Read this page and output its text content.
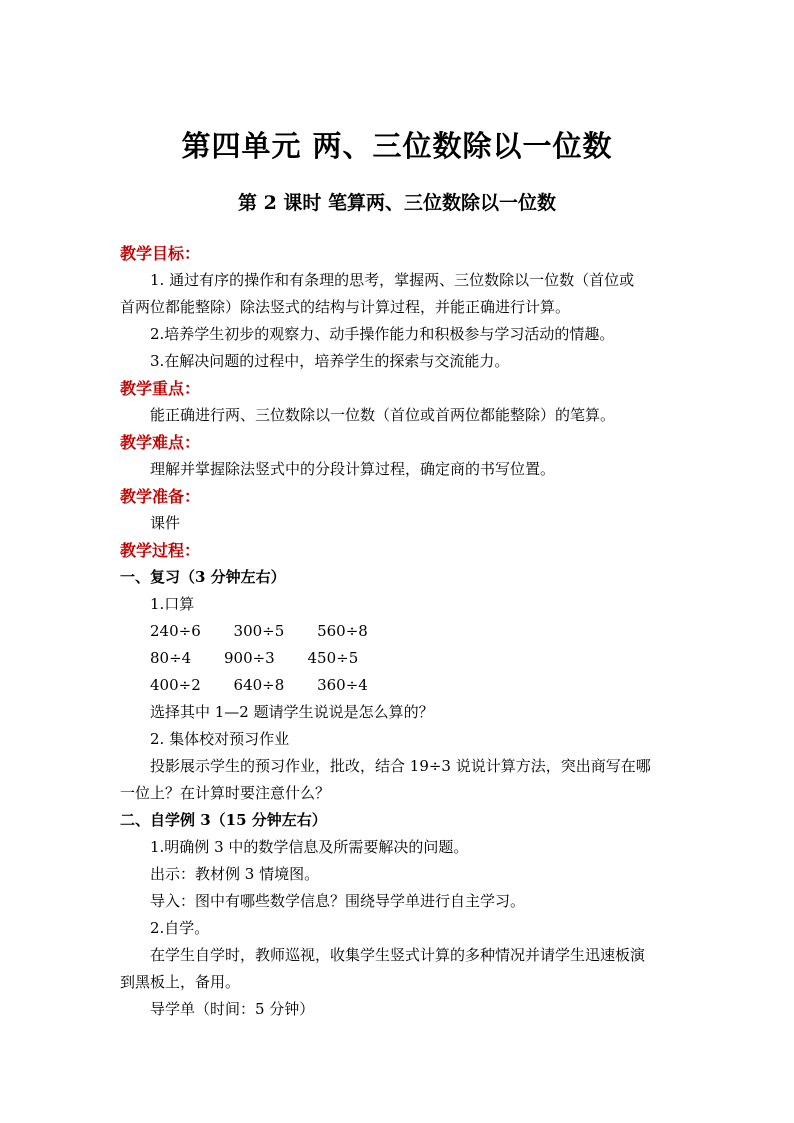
第四单元 两、三位数除以一位数
第 2 课时 笔算两、三位数除以一位数
教学目标：
1. 通过有序的操作和有条理的思考，掌握两、三位数除以一位数（首位或
首两位都能整除）除法竖式的结构与计算过程，并能正确进行计算。
2.培养学生初步的观察力、动手操作能力和积极参与学习活动的情趣。
3.在解决问题的过程中，培养学生的探索与交流能力。
教学重点：
能正确进行两、三位数除以一位数（首位或首两位都能整除）的笔算。
教学难点：
理解并掌握除法竖式中的分段计算过程，确定商的书写位置。
教学准备：
课件
教学过程：
一、复习（3 分钟左右）
1.口算
240÷6 300÷5 560÷8
80÷4 900÷3 450÷5
400÷2 640÷8 360÷4
选择其中 1—2 题请学生说说是怎么算的？
2. 集体校对预习作业
投影展示学生的预习作业，批改，结合 19÷3 说说计算方法，突出商写在哪
一位上？在计算时要注意什么？
二、自学例 3（15 分钟左右）
1.明确例 3 中的数学信息及所需要解决的问题。
出示：教材例 3 情境图。
导入：图中有哪些数学信息？围绕导学单进行自主学习。
2.自学。
在学生自学时，教师巡视，收集学生竖式计算的多种情况并请学生迅速板演
到黑板上，备用。
导学单（时间：5 分钟）
